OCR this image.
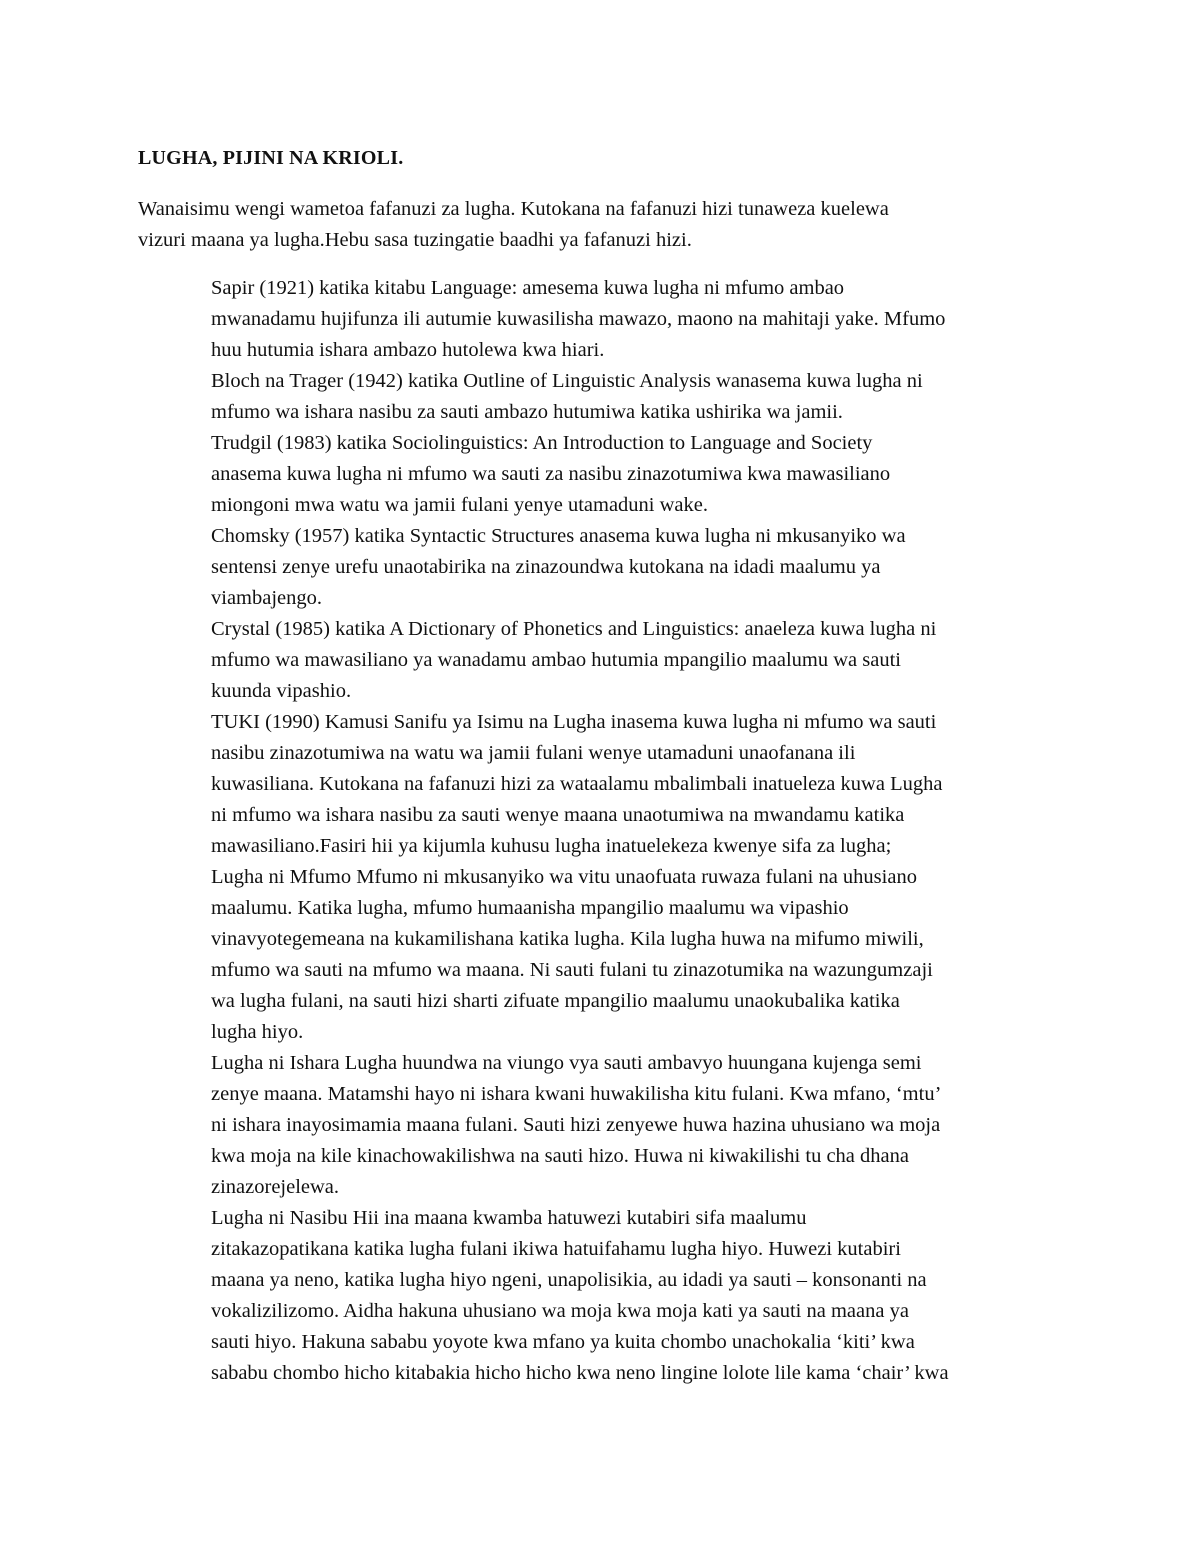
LUGHA, PIJINI NA KRIOLI.
Wanaisimu wengi wametoa fafanuzi za lugha. Kutokana na fafanuzi hizi tunaweza kuelewa
vizuri maana ya lugha.Hebu sasa tuzingatie baadhi ya fafanuzi hizi.
Sapir (1921) katika kitabu Language: amesema kuwa lugha ni mfumo ambao
mwanadamu hujifunza ili autumie kuwasilisha mawazo, maono na mahitaji yake. Mfumo
huu hutumia ishara ambazo hutolewa kwa hiari.
Bloch na Trager (1942) katika Outline of Linguistic Analysis wanasema kuwa lugha ni
mfumo wa ishara nasibu za sauti ambazo hutumiwa katika ushirika wa jamii.
Trudgil (1983) katika Sociolinguistics: An Introduction to Language and Society
anasema kuwa lugha ni mfumo wa sauti za nasibu zinazotumiwa kwa mawasiliano
miongoni mwa watu wa jamii fulani yenye utamaduni wake.
Chomsky (1957) katika Syntactic Structures anasema kuwa lugha ni mkusanyiko wa
sentensi zenye urefu unaotabirika na zinazoundwa kutokana na idadi maalumu ya
viambajengo.
Crystal (1985) katika A Dictionary of Phonetics and Linguistics: anaeleza kuwa lugha ni
mfumo wa mawasiliano ya wanadamu ambao hutumia mpangilio maalumu wa sauti
kuunda vipashio.
TUKI (1990) Kamusi Sanifu ya Isimu na Lugha inasema kuwa lugha ni mfumo wa sauti
nasibu zinazotumiwa na watu wa jamii fulani wenye utamaduni unaofanana ili
kuwasiliana. Kutokana na fafanuzi hizi za wataalamu mbalimbali inatueleza kuwa Lugha
ni mfumo wa ishara nasibu za sauti wenye maana unaotumiwa na mwandamu katika
mawasiliano.Fasiri hii ya kijumla kuhusu lugha inatuelekeza kwenye sifa za lugha;
Lugha ni Mfumo Mfumo ni mkusanyiko wa vitu unaofuata ruwaza fulani na uhusiano
maalumu. Katika lugha, mfumo humaanisha mpangilio maalumu wa vipashio
vinavyotegemeana na kukamilishana katika lugha. Kila lugha huwa na mifumo miwili,
mfumo wa sauti na mfumo wa maana. Ni sauti fulani tu zinazotumika na wazungumzaji
wa lugha fulani, na sauti hizi sharti zifuate mpangilio maalumu unaokubalika katika
lugha hiyo.
Lugha ni Ishara Lugha huundwa na viungo vya sauti ambavyo huungana kujenga semi
zenye maana. Matamshi hayo ni ishara kwani huwakilisha kitu fulani. Kwa mfano, ‘mtu’
ni ishara inayosimamia maana fulani. Sauti hizi zenyewe huwa hazina uhusiano wa moja
kwa moja na kile kinachowakilishwa na sauti hizo. Huwa ni kiwakilishi tu cha dhana
zinazorejelewa.
Lugha ni Nasibu Hii ina maana kwamba hatuwezi kutabiri sifa maalumu
zitakazopatikana katika lugha fulani ikiwa hatuifahamu lugha hiyo. Huwezi kutabiri
maana ya neno, katika lugha hiyo ngeni, unapolisikia, au idadi ya sauti – konsonanti na
vokalizilizomo. Aidha hakuna uhusiano wa moja kwa moja kati ya sauti na maana ya
sauti hiyo. Hakuna sababu yoyote kwa mfano ya kuita chombo unachokalia ‘kiti’ kwa
sababu chombo hicho kitabakia hicho hicho kwa neno lingine lolote lile kama ‘chair’ kwa
